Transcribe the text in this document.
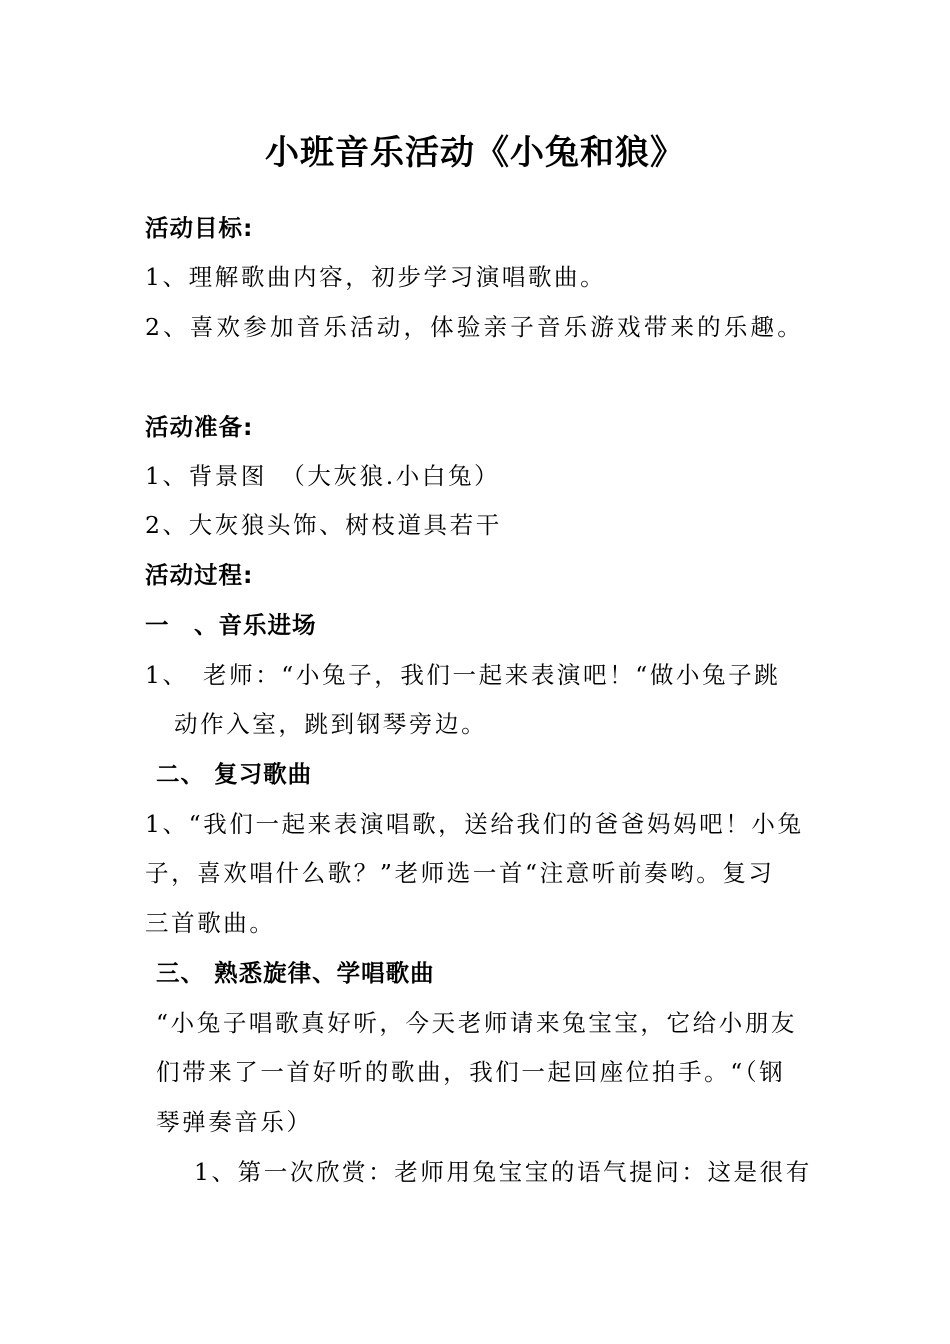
小班音乐活动《小兔和狼》
活动目标:
1、理解歌曲内容，初步学习演唱歌曲。
2、喜欢参加音乐活动，体验亲子音乐游戏带来的乐趣。
活动准备:
1、背景图　（大灰狼.小白兔）
2、大灰狼头饰、树枝道具若干
活动过程:
一　、音乐进场
1、　老师：“小兔子，我们一起来表演吧！“做小兔子跳
动作入室，跳到钢琴旁边。
二、 复习歌曲
1、“我们一起来表演唱歌，送给我们的爸爸妈妈吧！小兔
子，喜欢唱什么歌？”老师选一首“注意听前奏哟。复习
三首歌曲。
三、 熟悉旋律、学唱歌曲
“小兔子唱歌真好听，今天老师请来兔宝宝，它给小朋友
们带来了一首好听的歌曲，我们一起回座位拍手。“（钢
琴弹奏音乐）
1、第一次欣赏：老师用兔宝宝的语气提问：这是很有
